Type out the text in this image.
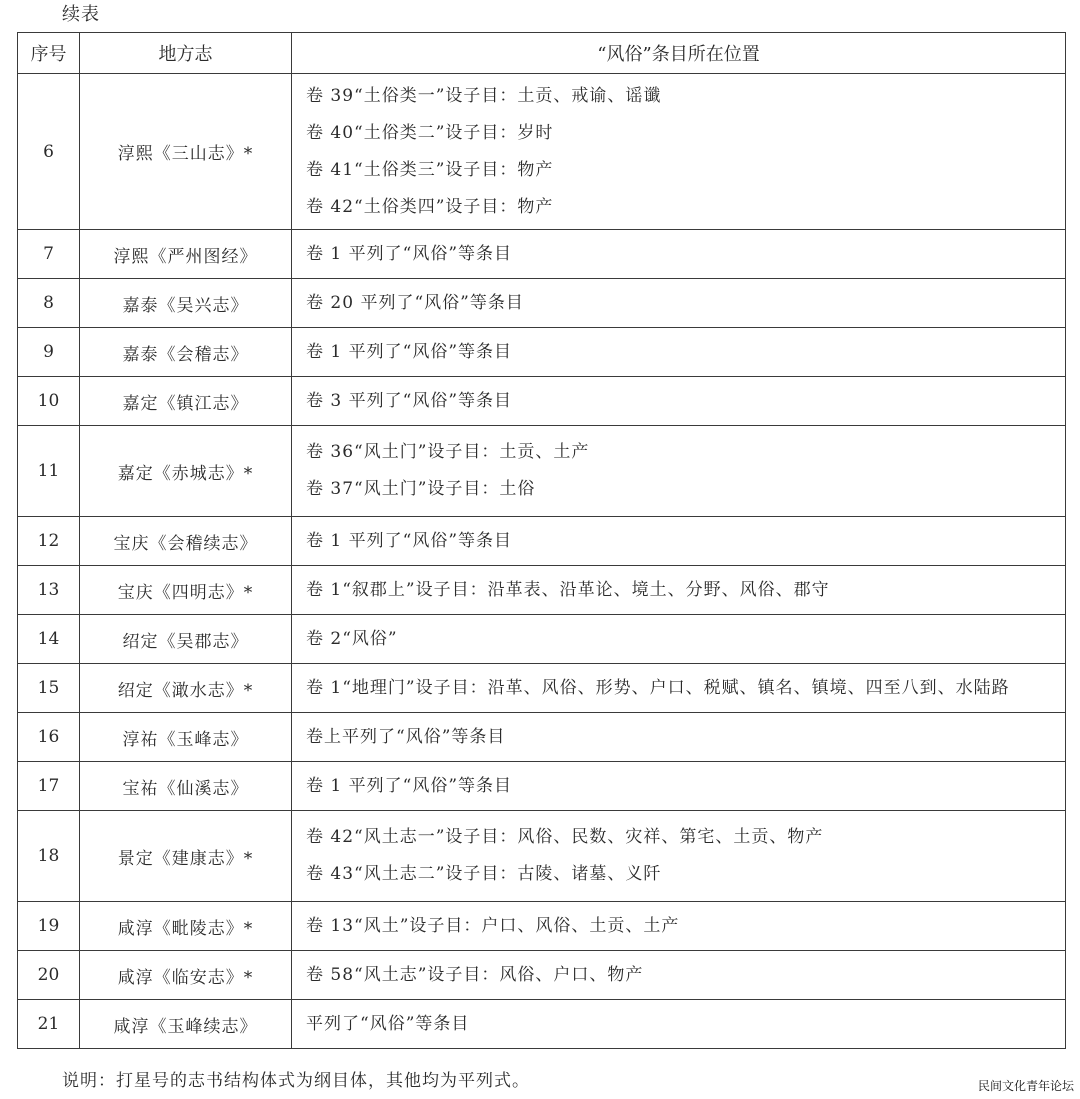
续表
序号	地方志	“风俗”条目所在位置
6	淳熙《三山志》*	卷 39“土俗类一”设子目：土贡、戒谕、谣谶
卷 40“土俗类二”设子目：岁时
卷 41“土俗类三”设子目：物产
卷 42“土俗类四”设子目：物产

7	淳熙《严州图经》	卷 1 平列了“风俗”等条目

8	嘉泰《吴兴志》	卷 20 平列了“风俗”等条目

9	嘉泰《会稽志》	卷 1 平列了“风俗”等条目

10	嘉定《镇江志》	卷 3 平列了“风俗”等条目

11	嘉定《赤城志》*	卷 36“风土门”设子目：土贡、土产
卷 37“风土门”设子目：土俗

12	宝庆《会稽续志》	卷 1 平列了“风俗”等条目

13	宝庆《四明志》*	卷 1“叙郡上”设子目：沿革表、沿革论、境土、分野、风俗、郡守

14	绍定《吴郡志》	卷 2“风俗”

15	绍定《澉水志》*	卷 1“地理门”设子目：沿革、风俗、形势、户口、税赋、镇名、镇境、四至八到、水陆路

16	淳祐《玉峰志》	卷上平列了“风俗”等条目

17	宝祐《仙溪志》	卷 1 平列了“风俗”等条目

18	景定《建康志》*	卷 42“风土志一”设子目：风俗、民数、灾祥、第宅、土贡、物产
卷 43“风土志二”设子目：古陵、诸墓、义阡

19	咸淳《毗陵志》*	卷 13“风土”设子目：户口、风俗、土贡、土产

20	咸淳《临安志》*	卷 58“风土志”设子目：风俗、户口、物产

21	咸淳《玉峰续志》	平列了“风俗”等条目
说明：打星号的志书结构体式为纲目体，其他均为平列式。	民间文化青年论坛
